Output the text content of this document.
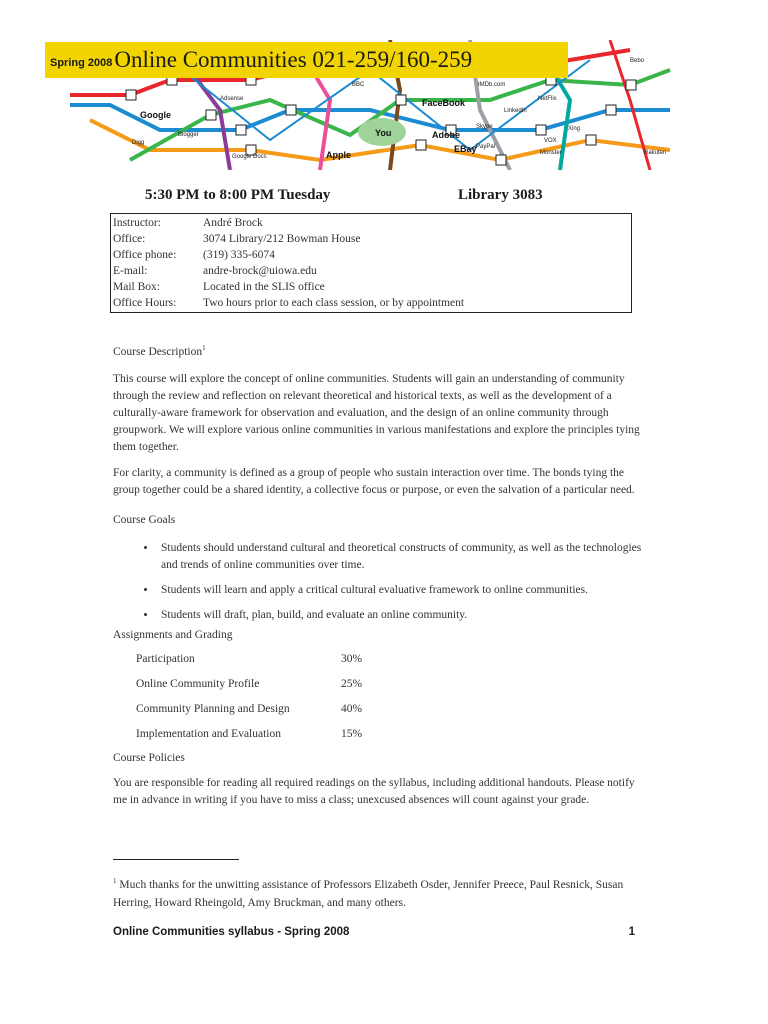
Google
Blogger
Digg
Adsense
Google Docs	Apple
BBC	IMDb.com
FaceBook
Adobe
EBay
Skype
PayPal
LinkedIn
NetFlix
Xing
VOX
Monster
Bebo
Rakuten
You
Spring 2008 Online Communities 021-259/160-259
5:30 PM to 8:00 PM Tuesday	Library 3083
Instructor:	André Brock
Office:	3074 Library/212 Bowman House
Office phone:	(319) 335-6074
E-mail:	andre-brock@uiowa.edu
Mail Box:	Located in the SLIS office
Office Hours:	Two hours prior to each class session, or by appointment
Course Description$^1$

This course will explore the concept of online communities. Students will gain an understanding of community through the review and reflection on relevant theoretical and historical texts, as well as the development of a culturally-aware framework for observation and evaluation, and the design of an online community through groupwork. We will explore various online communities in various manifestations and explore the principles tying them together.

For clarity, a community is defined as a group of people who sustain interaction over time. The bonds tying the group together could be a shared identity, a collective focus or purpose, or even the salvation of a particular need.

Course Goals
• Students should understand cultural and theoretical constructs of community, as well as the technologies and trends of online communities over time.
• Students will learn and apply a critical cultural evaluative framework to online communities.
• Students will draft, plan, build, and evaluate an online community.
Assignments and Grading
Participation	30%
Online Community Profile	25%
Community Planning and Design	40%
Implementation and Evaluation	15%
Course Policies

You are responsible for reading all required readings on the syllabus, including additional handouts. Please notify me in advance in writing if you have to miss a class; unexcused absences will count against your grade.

$^1$ Much thanks for the unwitting assistance of Professors Elizabeth Osder, Jennifer Preece, Paul Resnick, Susan Herring, Howard Rheingold, Amy Bruckman, and many others.
Online Communities syllabus - Spring 2008	1
